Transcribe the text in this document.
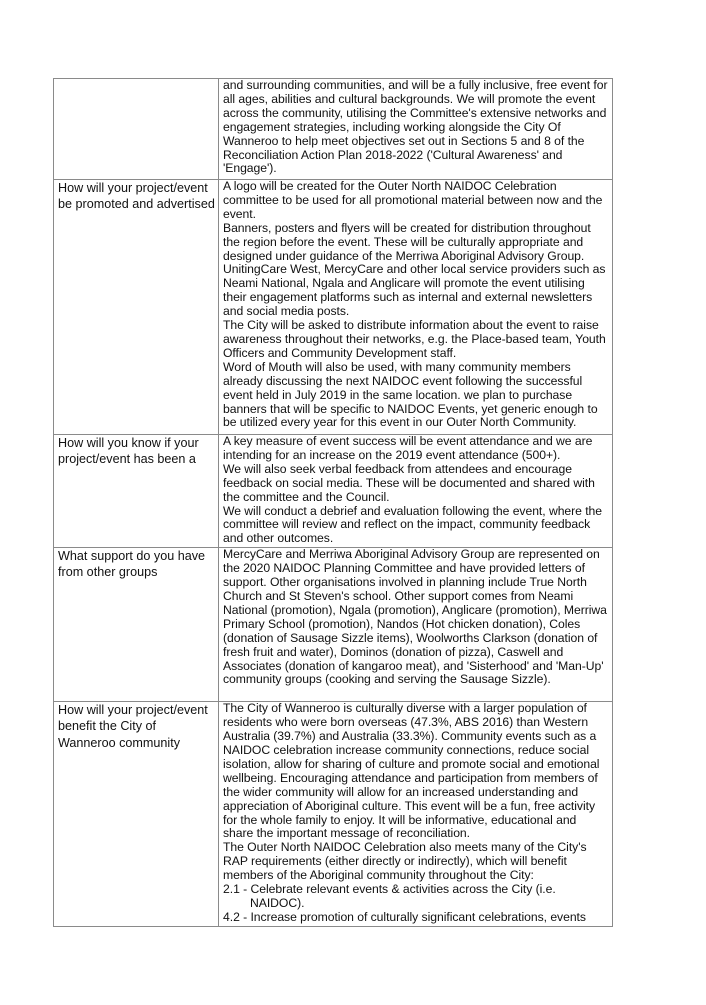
	and surrounding communities, and will be a fully inclusive, free event for all ages, abilities and cultural backgrounds. We will promote the event across the community, utilising the Committee's extensive networks and engagement strategies, including working alongside the City Of Wanneroo to help meet objectives set out in Sections 5 and 8 of the Reconciliation Action Plan 2018-2022 ('Cultural Awareness' and 'Engage').

How will your project/event be promoted and advertised	A logo will be created for the Outer North NAIDOC Celebration committee to be used for all promotional material between now and the event.

Banners, posters and flyers will be created for distribution throughout the region before the event. These will be culturally appropriate and designed under guidance of the Merriwa Aboriginal Advisory Group. UnitingCare West, MercyCare and other local service providers such as Neami National, Ngala and Anglicare will promote the event utilising their engagement platforms such as internal and external newsletters and social media posts.

The City will be asked to distribute information about the event to raise awareness throughout their networks, e.g. the Place-based team, Youth Officers and Community Development staff.

Word of Mouth will also be used, with many community members already discussing the next NAIDOC event following the successful event held in July 2019 in the same location. we plan to purchase banners that will be specific to NAIDOC Events, yet generic enough to be utilized every year for this event in our Outer North Community.

How will you know if your project/event has been a	A key measure of event success will be event attendance and we are intending for an increase on the 2019 event attendance (500+).

We will also seek verbal feedback from attendees and encourage feedback on social media. These will be documented and shared with the committee and the Council.

We will conduct a debrief and evaluation following the event, where the committee will review and reflect on the impact, community feedback and other outcomes.

What support do you have from other groups	MercyCare and Merriwa Aboriginal Advisory Group are represented on the 2020 NAIDOC Planning Committee and have provided letters of support. Other organisations involved in planning include True North Church and St Steven's school. Other support comes from Neami National (promotion), Ngala (promotion), Anglicare (promotion), Merriwa Primary School (promotion), Nandos (Hot chicken donation), Coles (donation of Sausage Sizzle items), Woolworths Clarkson (donation of fresh fruit and water), Dominos (donation of pizza), Caswell and Associates (donation of kangaroo meat), and 'Sisterhood' and 'Man-Up' community groups (cooking and serving the Sausage Sizzle).

How will your project/event benefit the City of Wanneroo community	The City of Wanneroo is culturally diverse with a larger population of residents who were born overseas (47.3%, ABS 2016) than Western Australia (39.7%) and Australia (33.3%). Community events such as a NAIDOC celebration increase community connections, reduce social isolation, allow for sharing of culture and promote social and emotional wellbeing. Encouraging attendance and participation from members of the wider community will allow for an increased understanding and appreciation of Aboriginal culture. This event will be a fun, free activity for the whole family to enjoy. It will be informative, educational and share the important message of reconciliation.

The Outer North NAIDOC Celebration also meets many of the City's RAP requirements (either directly or indirectly), which will benefit members of the Aboriginal community throughout the City:

2.1 - Celebrate relevant events & activities across the City (i.e. NAIDOC).

4.2 - Increase promotion of culturally significant celebrations, events
